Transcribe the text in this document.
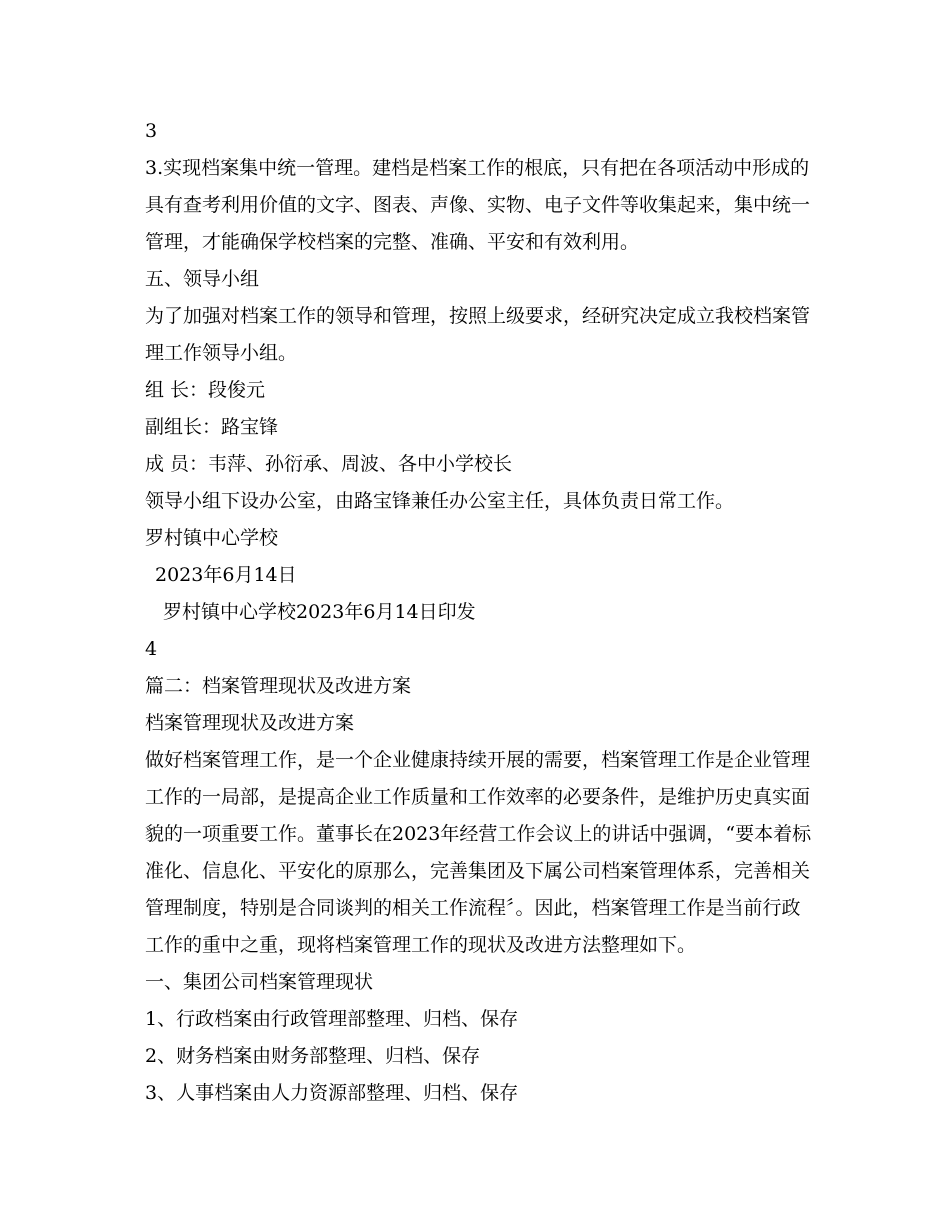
3
3.实现档案集中统一管理。建档是档案工作的根底，只有把在各项活动中形成的
具有查考利用价值的文字、图表、声像、实物、电子文件等收集起来，集中统一
管理，才能确保学校档案的完整、准确、平安和有效利用。
五、领导小组
为了加强对档案工作的领导和管理，按照上级要求，经研究决定成立我校档案管
理工作领导小组。
组 长：段俊元
副组长：路宝锋
成 员：韦萍、孙衍承、周波、各中小学校长
领导小组下设办公室，由路宝锋兼任办公室主任，具体负责日常工作。
罗村镇中心学校
2023年6月14日
罗村镇中心学校2023年6月14日印发
4
篇二：档案管理现状及改进方案
档案管理现状及改进方案
做好档案管理工作，是一个企业健康持续开展的需要，档案管理工作是企业管理
工作的一局部，是提高企业工作质量和工作效率的必要条件，是维护历史真实面
貌的一项重要工作。董事长在2023年经营工作会议上的讲话中强调，“要本着标
准化、信息化、平安化的原那么，完善集团及下属公司档案管理体系，完善相关
管理制度，特别是合同谈判的相关工作流程〞。因此，档案管理工作是当前行政
工作的重中之重，现将档案管理工作的现状及改进方法整理如下。
一、集团公司档案管理现状
1、行政档案由行政管理部整理、归档、保存
2、财务档案由财务部整理、归档、保存
3、人事档案由人力资源部整理、归档、保存
